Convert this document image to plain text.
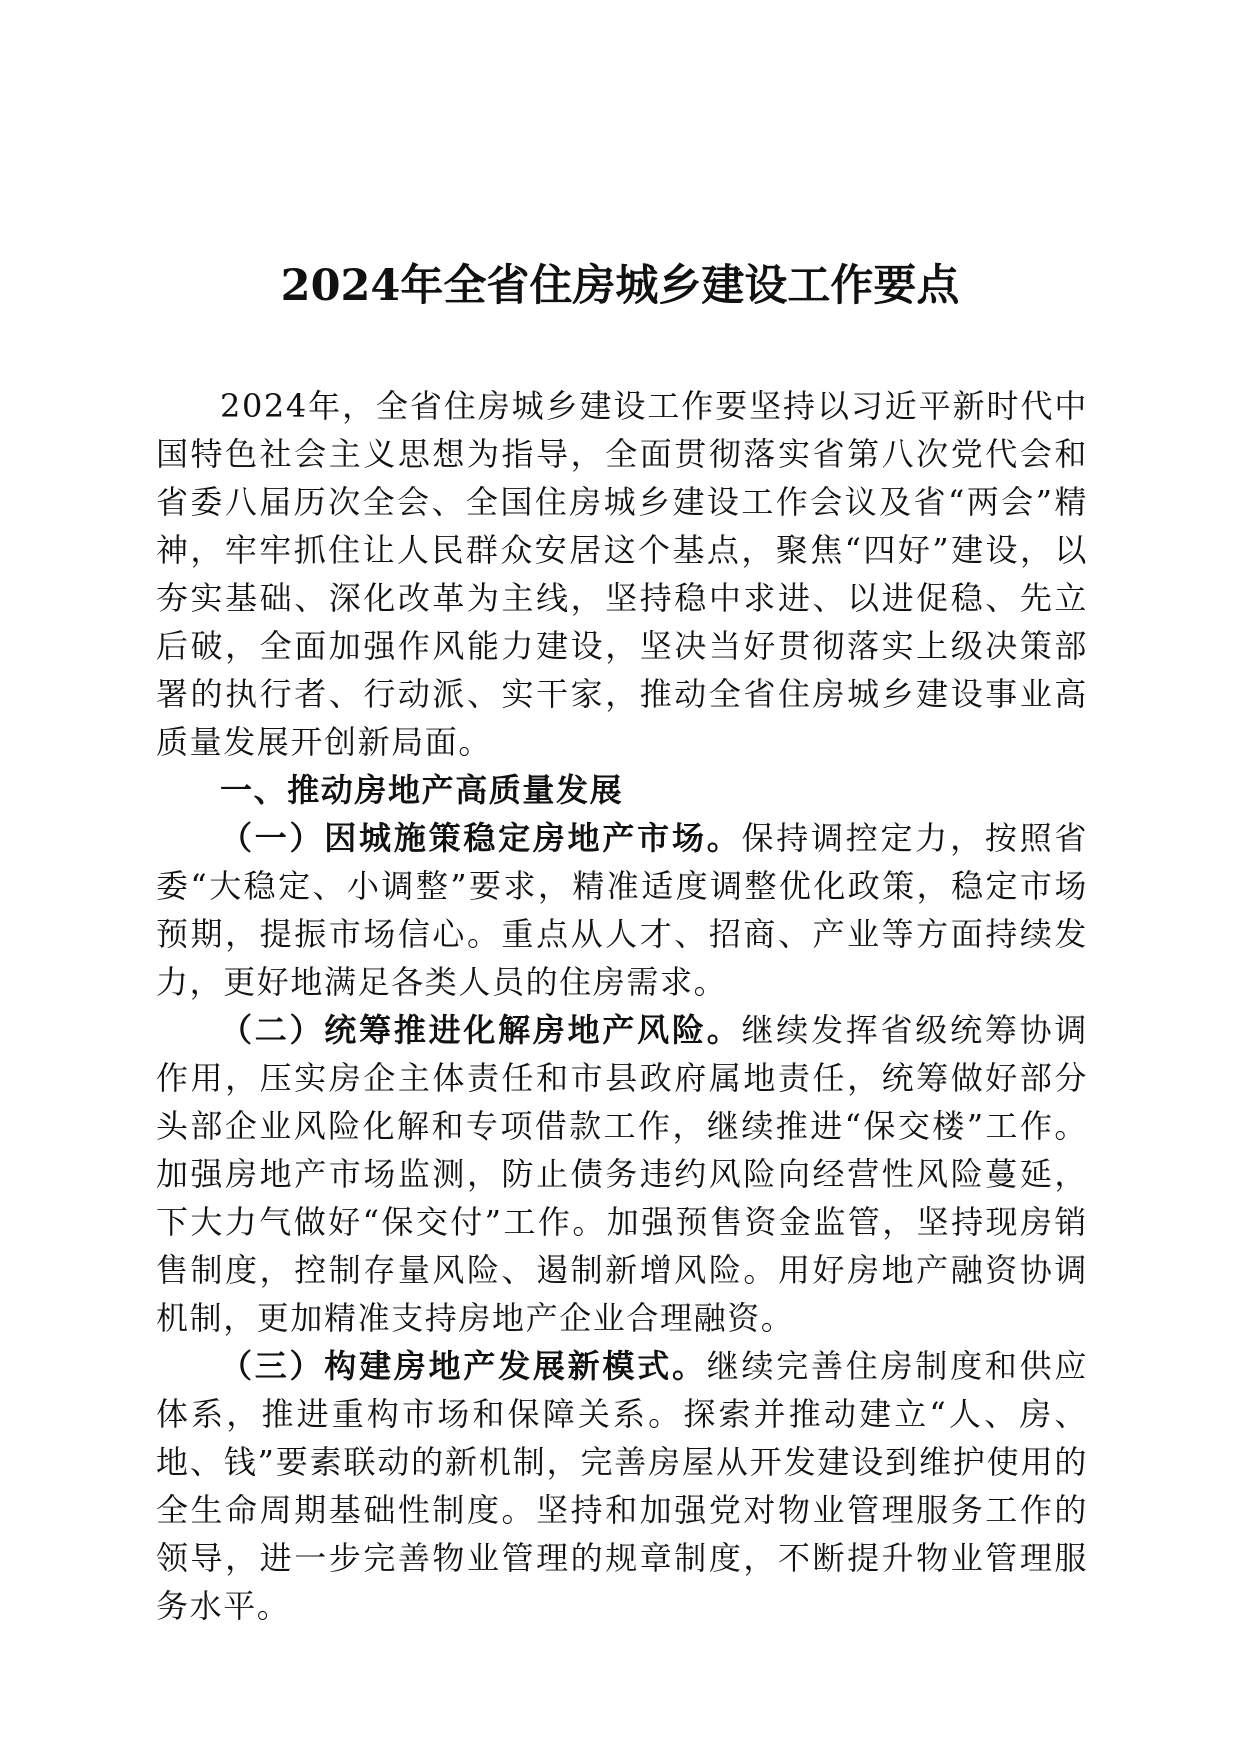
2024年全省住房城乡建设工作要点

2024年，全省住房城乡建设工作要坚持以习近平新时代中国特色社会主义思想为指导，全面贯彻落实省第八次党代会和省委八届历次全会、全国住房城乡建设工作会议及省“两会”精神，牢牢抓住让人民群众安居这个基点，聚焦“四好”建设，以夯实基础、深化改革为主线，坚持稳中求进、以进促稳、先立后破，全面加强作风能力建设，坚决当好贯彻落实上级决策部署的执行者、行动派、实干家，推动全省住房城乡建设事业高质量发展开创新局面。

一、推动房地产高质量发展

（一）因城施策稳定房地产市场。保持调控定力，按照省委“大稳定、小调整”要求，精准适度调整优化政策，稳定市场预期，提振市场信心。重点从人才、招商、产业等方面持续发力，更好地满足各类人员的住房需求。

（二）统筹推进化解房地产风险。继续发挥省级统筹协调作用，压实房企主体责任和市县政府属地责任，统筹做好部分头部企业风险化解和专项借款工作，继续推进“保交楼”工作。加强房地产市场监测，防止债务违约风险向经营性风险蔓延，下大力气做好“保交付”工作。加强预售资金监管，坚持现房销售制度，控制存量风险、遏制新增风险。用好房地产融资协调机制，更加精准支持房地产企业合理融资。

（三）构建房地产发展新模式。继续完善住房制度和供应体系，推进重构市场和保障关系。探索并推动建立“人、房、地、钱”要素联动的新机制，完善房屋从开发建设到维护使用的全生命周期基础性制度。坚持和加强党对物业管理服务工作的领导，进一步完善物业管理的规章制度，不断提升物业管理服务水平。
